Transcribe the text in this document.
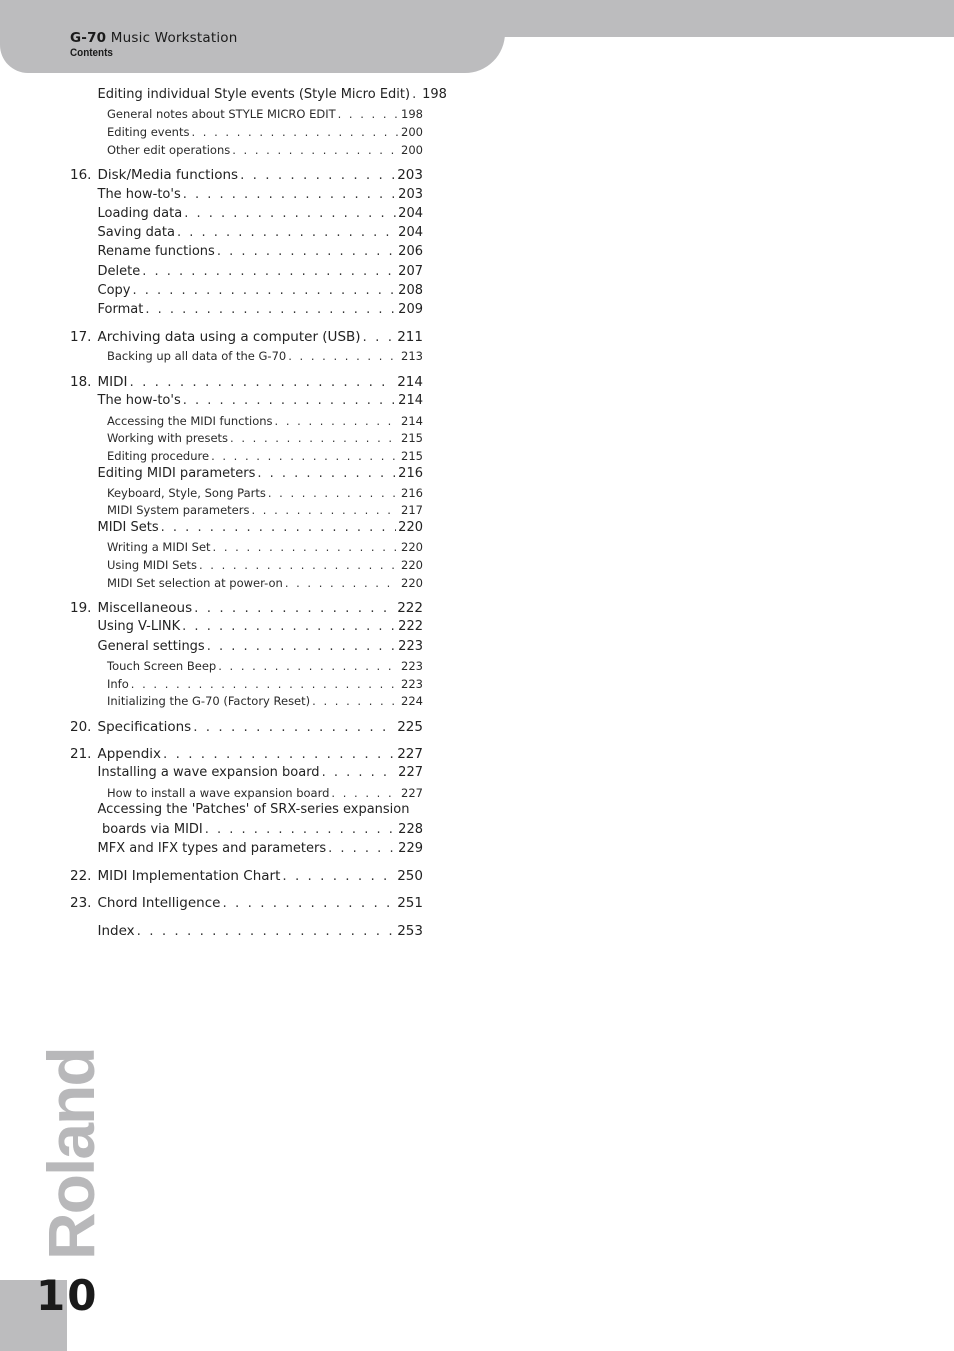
G-70 Music Workstation
Contents
Editing individual Style events (Style Micro Edit) . . . 198
General notes about STYLE MICRO EDIT . . .	198
Editing events . . .	200
Other edit operations . . .	200
16. Disk/Media functions . . .	203
The how-to's . . .	203
Loading data . . .	204
Saving data . . .	204
Rename functions . . .	206
Delete . . .	207
Copy . . .	208
Format . . .	209
17. Archiving data using a computer (USB) . . .	211
Backing up all data of the G-70 . . .	213
18. MIDI . . .	214
The how-to's . . .	214
Accessing the MIDI functions . . .	214
Working with presets . . .	215
Editing procedure . . .	215
Editing MIDI parameters . . .	216
Keyboard, Style, Song Parts . . .	216
MIDI System parameters . . .	217
MIDI Sets . . .	220
Writing a MIDI Set . . .	220
Using MIDI Sets . . .	220
MIDI Set selection at power-on . . .	220
19. Miscellaneous . . .	222
Using V-LINK . . .	222
General settings . . .	223
Touch Screen Beep . . .	223
Info . . .	223
Initializing the G-70 (Factory Reset) . . .	224
20. Specifications . . .	225
21. Appendix . . .	227
Installing a wave expansion board . . .	227
How to install a wave expansion board . . .	227
Accessing the 'Patches' of SRX-series expansion
boards via MIDI . . .	228
MFX and IFX types and parameters . . .	229
22. MIDI Implementation Chart . . .	250
23. Chord Intelligence . . .	251
Index . . .	253
Roland
10
